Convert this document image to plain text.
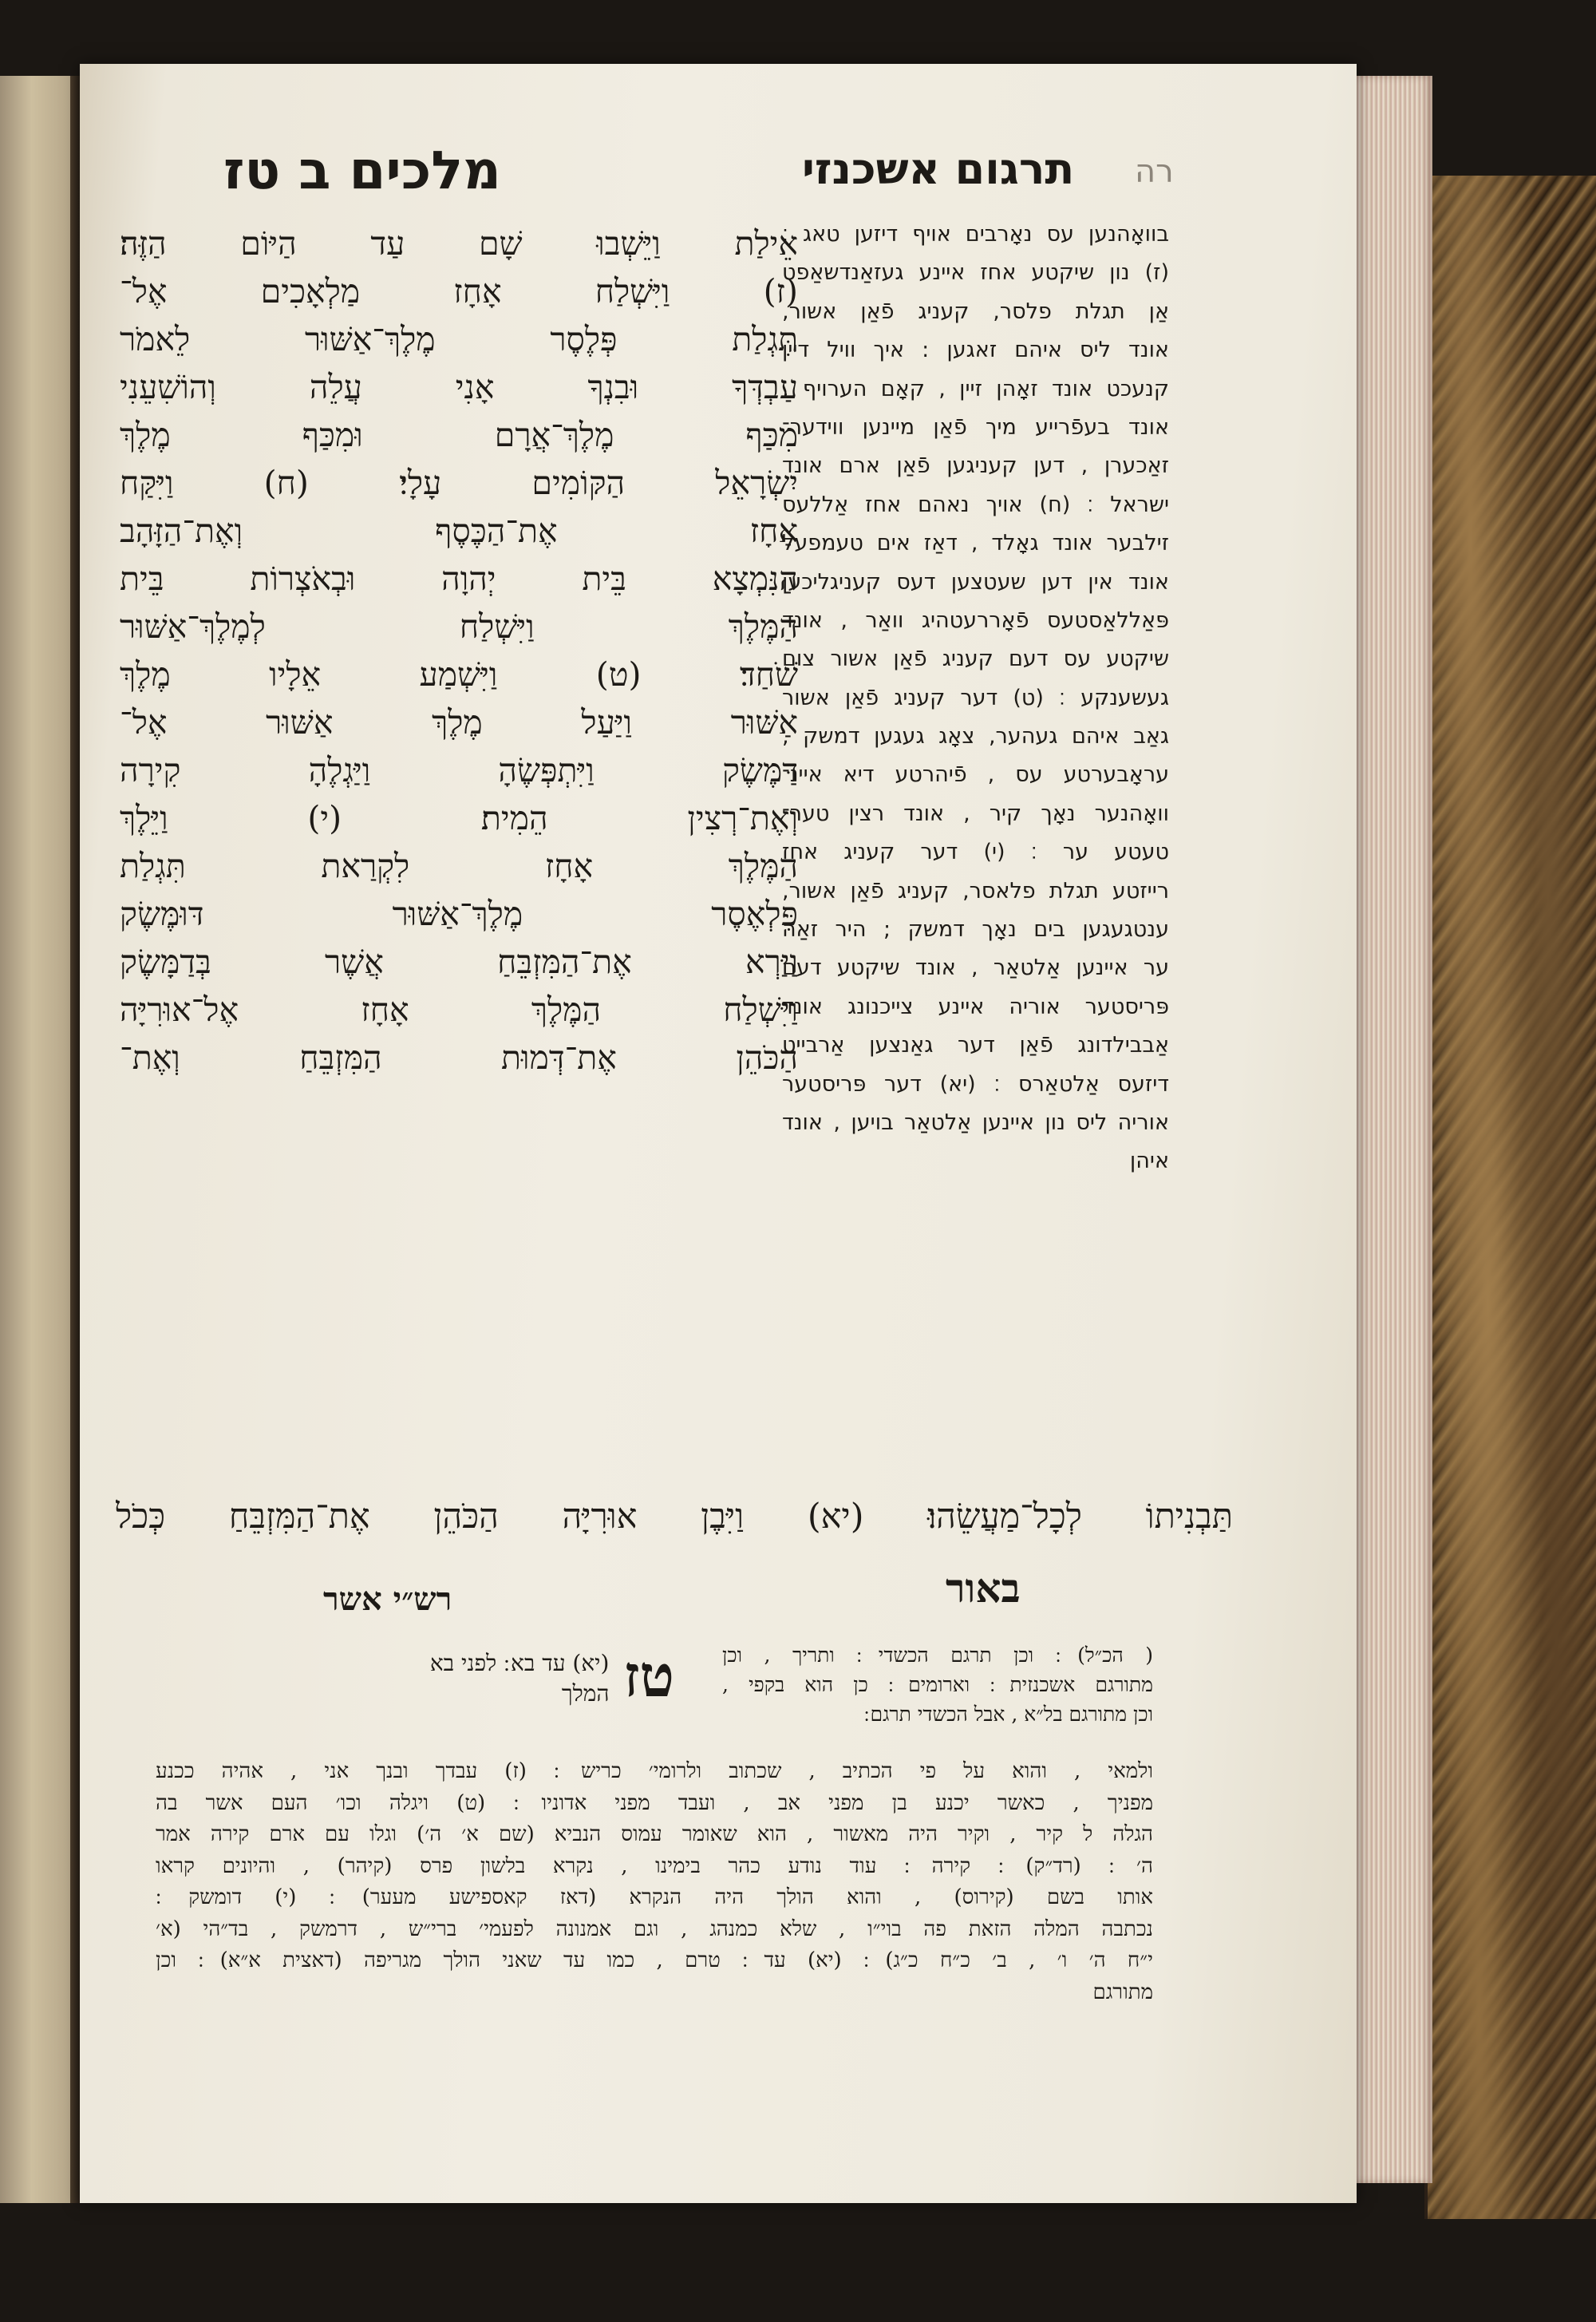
מלכים ב טז	תרגום אשכנזי רה
אֵילַת וַיֵּשְׁבוּ שָׁם עַד הַיּוֹם הַזֶּה׃
(ז) וַיִּשְׁלַח אָחָז מַלְאָכִים אֶל־
תִּגְלַת פְּלֶסֶר מֶלֶךְ־אַשּׁוּר לֵאמֹר
עַבְדְּךָ וּבִנְךָ אָנִי עֲלֵה וְהוֹשִׁעֵנִי
מִכַּף מֶלֶךְ־אֲרָם וּמִכַּף מֶלֶךְ
יִשְׂרָאֵל הַקּוֹמִים עָלָי׃ (ח) וַיִּקַּח
אָחָז אֶת־הַכֶּסֶף וְאֶת־הַזָּהָב
הַנִּמְצָא בֵּית יְהוָה וּבְאֹצְרוֹת בֵּית
הַמֶּלֶךְ וַיִּשְׁלַח לְמֶלֶךְ־אַשּׁוּר
שֹׁחַד׃ (ט) וַיִּשְׁמַע אֵלָיו מֶלֶךְ
אַשּׁוּר וַיַּעַל מֶלֶךְ אַשּׁוּר אֶל־
דַּמֶּשֶׂק וַיִּתְפְּשֶׂהָ וַיַּגְלֶהָ קִירָה
וְאֶת־רְצִין הֵמִית׃ (י) וַיֵּלֶךְ
הַמֶּלֶךְ אָחָז לִקְרַאת תִּגְלַת
פִּלְאֶסֶר מֶלֶךְ־אַשּׁוּר דּוּמֶּשֶׂק
וַיַּרְא אֶת־הַמִּזְבֵּחַ אֲשֶׁר בְּדַמָּשֶׂק
וַיִּשְׁלַח הַמֶּלֶךְ אָחָז אֶל־אוּרִיָּה
הַכֹּהֵן אֶת־דְּמוּת הַמִּזְבֵּחַ וְאֶת־
בוואָהנען עס נאָרבים אויף דיזען טאג ׃
(ז) נון שיקטע אחז איינע געזאַנדשאַפט
אַן תגלת פלסר, קעניג פֿאַן אשור,
אונד ליס איהם זאגען : איך וויל דיין
קנעכט אונד זאָהן זיין , קאָם הערויף ,
אונד בעפֿרייע מיך פֿאַן מיינען ווידער־
זאַכערן , דען קעניגען פֿאַן ארם אונד
ישראל ׃ (ח) אויך נאהם אחז אַללעס
זילבער אונד גאָלד , דאַז אים טעמפעל
אונד אין דען שעטצען דעס קעניגליכען
פּאַללאַסטעס פֿאָררעטהיג וואַר , אונד
שיקטע עס דעם קעניג פֿאַן אשור צום
געשענקע ׃ (ט) דער קעניג פֿאַן אשור
גאַב איהם געהער, צאָג געגען דמשק ,
עראָבערטע עס , פֿיהרטע דיא איינ־
וואָהנער נאָך קיר , אונד רצין טער־
טעטע ער ׃ (י) דער קעניג אחז
רייזטע תגלת פלאסר, קעניג פֿאַן אשור,
ענטגעגען בים נאָך דמשק ; היר זאַה
ער איינען אַלטאַר , אונד שיקטע דעם
פּריסטער אוריה איינע צייכנונג אונד
אַבבילדונג פֿאַן דער גאַנצען אַרבייט
דיזעס אַלטאַרס ׃ (יא) דער פּריסטער
אוריה ליס נון איינען אַלטאַר בויען , אונד
איהן
תַּבְנִיתוֹ לְכָל־מַעֲשֵׂהוּ׃ (יא) וַיִּבֶן אוּרִיָּה הַכֹּהֵן אֶת־הַמִּזְבֵּחַ כְּכֹל
באור
רש״י אשר
טז
(יא) עד בא ׃ לפני בא
המלך
( הכ״ל) ׃ וכן תרגם הכשדי ׃ ותריך , וכן
מתורגם אשכנזית ׃ וארומים ׃ כן הוא בקפי ,
וכן מתורגם בל״א , אבל הכשדי תרגם ׃
ולמאי , והוא על פי הכתיב , שכתוב ולרומי׳ כריש ׃ (ז) עבדך ובנך אני , אהיה ככנע
מפניך , כאשר יכנע בן מפני אב , ועבד מפני אדוניו ׃ (ט) ויגלה וכו׳ העם אשר בה
הגלה ל קיר , וקיר היה מאשור , הוא שאומר עמוס הנביא (שם א׳ ה׳) וגלו עם ארם קירה אמר
ה׳ ׃ (רד״ק) ׃ קירה ׃ עוד נודע כהר בימינו , נקרא בלשון פרס (קיהר) , והיונים קראו
אותו בשם (קירוס) , והוא הולך היה הנקרא (דאז קאספישע מעער) ׃ (י) דומשק ׃
נכתבה המלה הזאת פה בוי״ו , שלא כמנהג , וגם אמנונה לפעמי׳ ברי״ש , דרמשק , בד״הי (א׳
י״ח ה׳ ו׳ , ב׳ כ״ח כ״ג) ׃ (יא) עד ׃ טרם , כמו עד שאני הולך מגריפה (דאצית א״א) ׃ וכן
מתורגם
